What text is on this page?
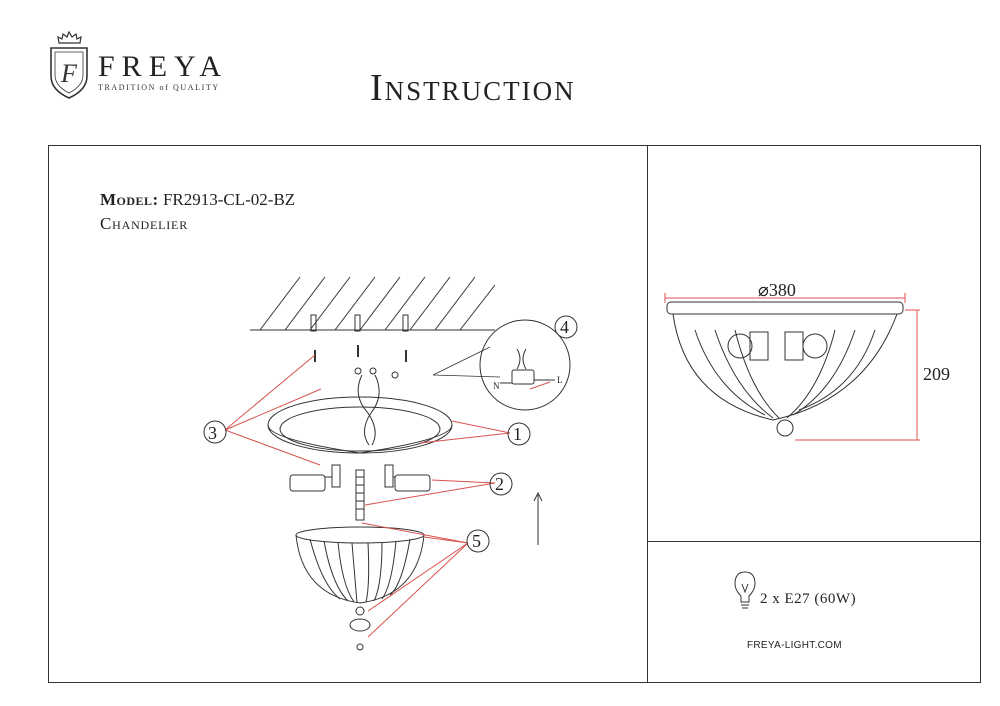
F FREYA
TRADITION of QUALITY	Instruction
Model: FR2913-CL-02-BZ
Chandelier
3	1
2
4
5
N
L
⌀380
209
2 x E27 (60W)
FREYA-LIGHT.COM
